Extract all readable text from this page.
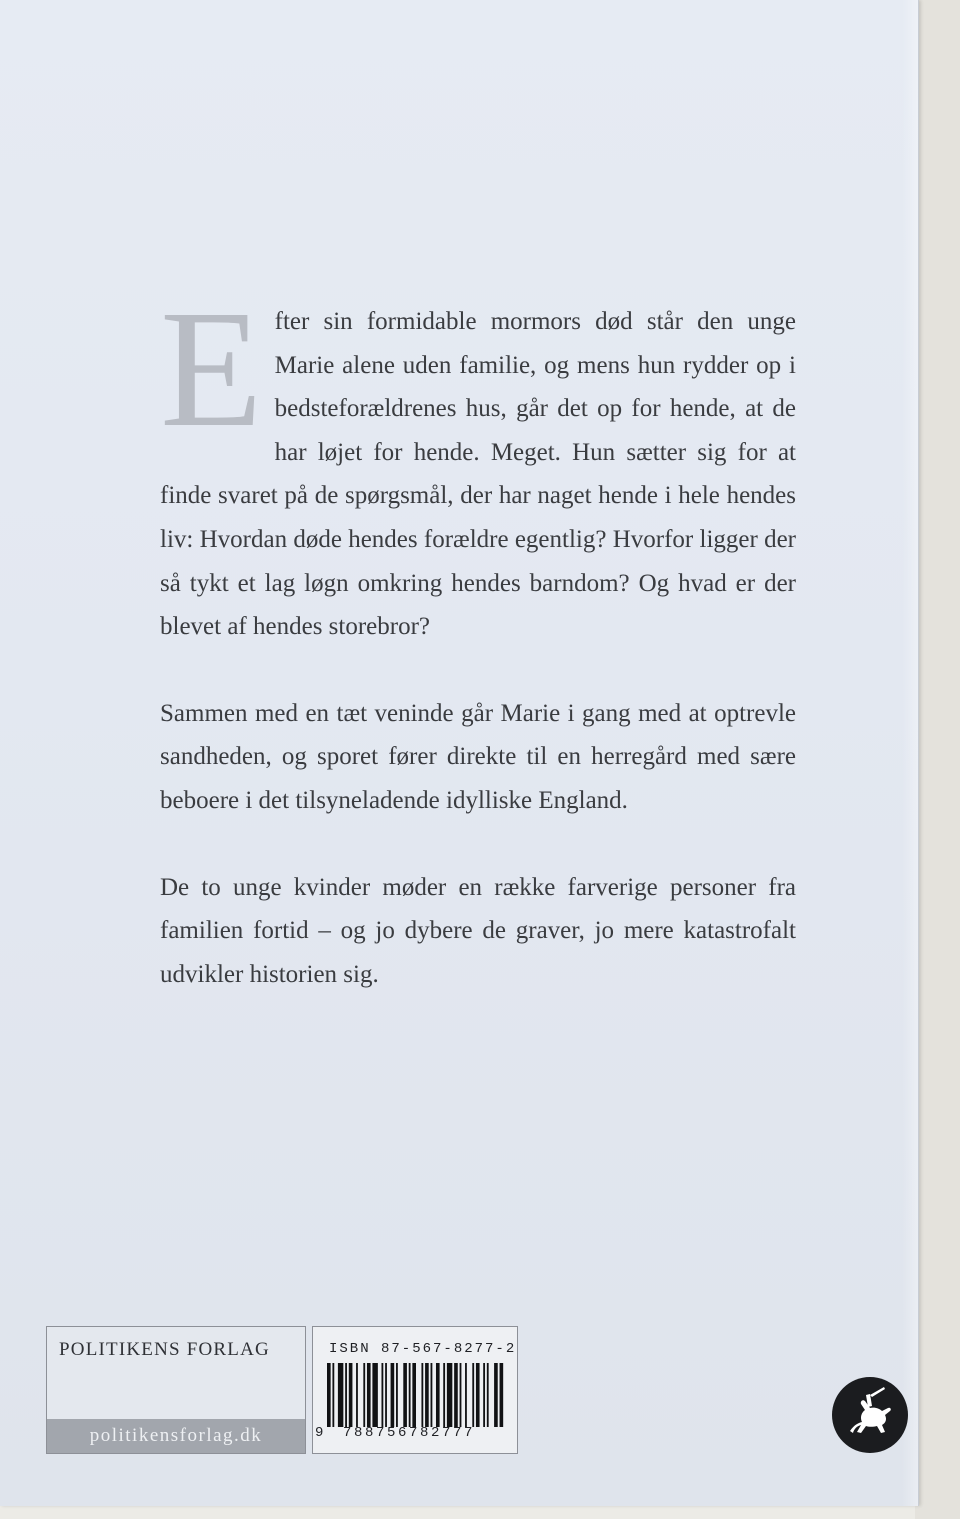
Efter sin formidable mormors død står den unge Marie alene uden familie, og mens hun rydder op i bedsteforældrenes hus, går det op for hende, at de har løjet for hende. Meget. Hun sætter sig for at finde svaret på de spørgsmål, der har naget hende i hele hendes liv: Hvordan døde hendes forældre egentlig? Hvorfor ligger der så tykt et lag løgn omkring hendes barndom? Og hvad er der blevet af hendes storebror?

Sammen med en tæt veninde går Marie i gang med at optrevle sandheden, og sporet fører direkte til en herregård med sære beboere i det tilsyneladende idylliske England.

De to unge kvinder møder en række farverige personer fra familien fortid – og jo dybere de graver, jo mere katastrofalt udvikler historien sig.

POLITIKENS FORLAG
politikensforlag.dk
ISBN 87-567-8277-2
9 788756782777
